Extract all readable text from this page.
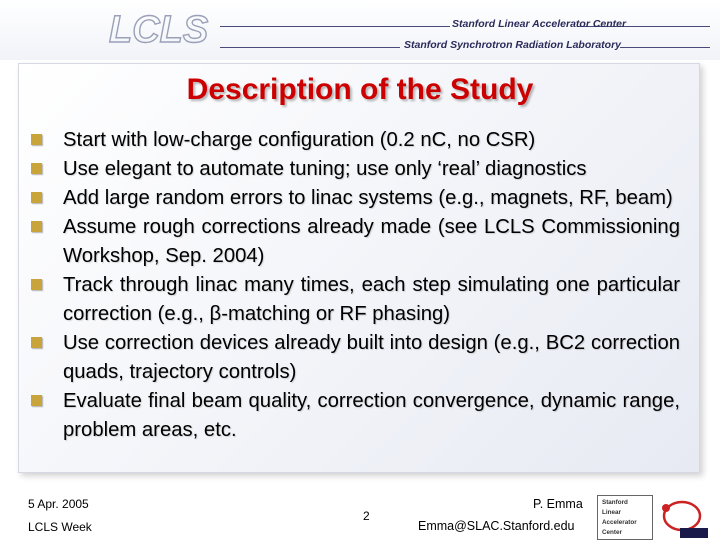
LCLS	Stanford Linear Accelerator Center
Stanford Synchrotron Radiation Laboratory
Description of the Study
Start with low-charge configuration (0.2 nC, no CSR)
Use elegant to automate tuning; use only ‘real’ diagnostics
Add large random errors to linac systems (e.g., magnets, RF, beam)
Assume rough corrections already made (see LCLS Commissioning Workshop, Sep. 2004)
Track through linac many times, each step simulating one particular correction (e.g., β-matching or RF phasing)
Use correction devices already built into design (e.g., BC2 correction quads, trajectory controls)
Evaluate final beam quality, correction convergence, dynamic range, problem areas, etc.
5 Apr. 2005
LCLS Week
2
P. Emma
Emma@SLAC.Stanford.edu
Stanford
Linear
Accelerator
Center
